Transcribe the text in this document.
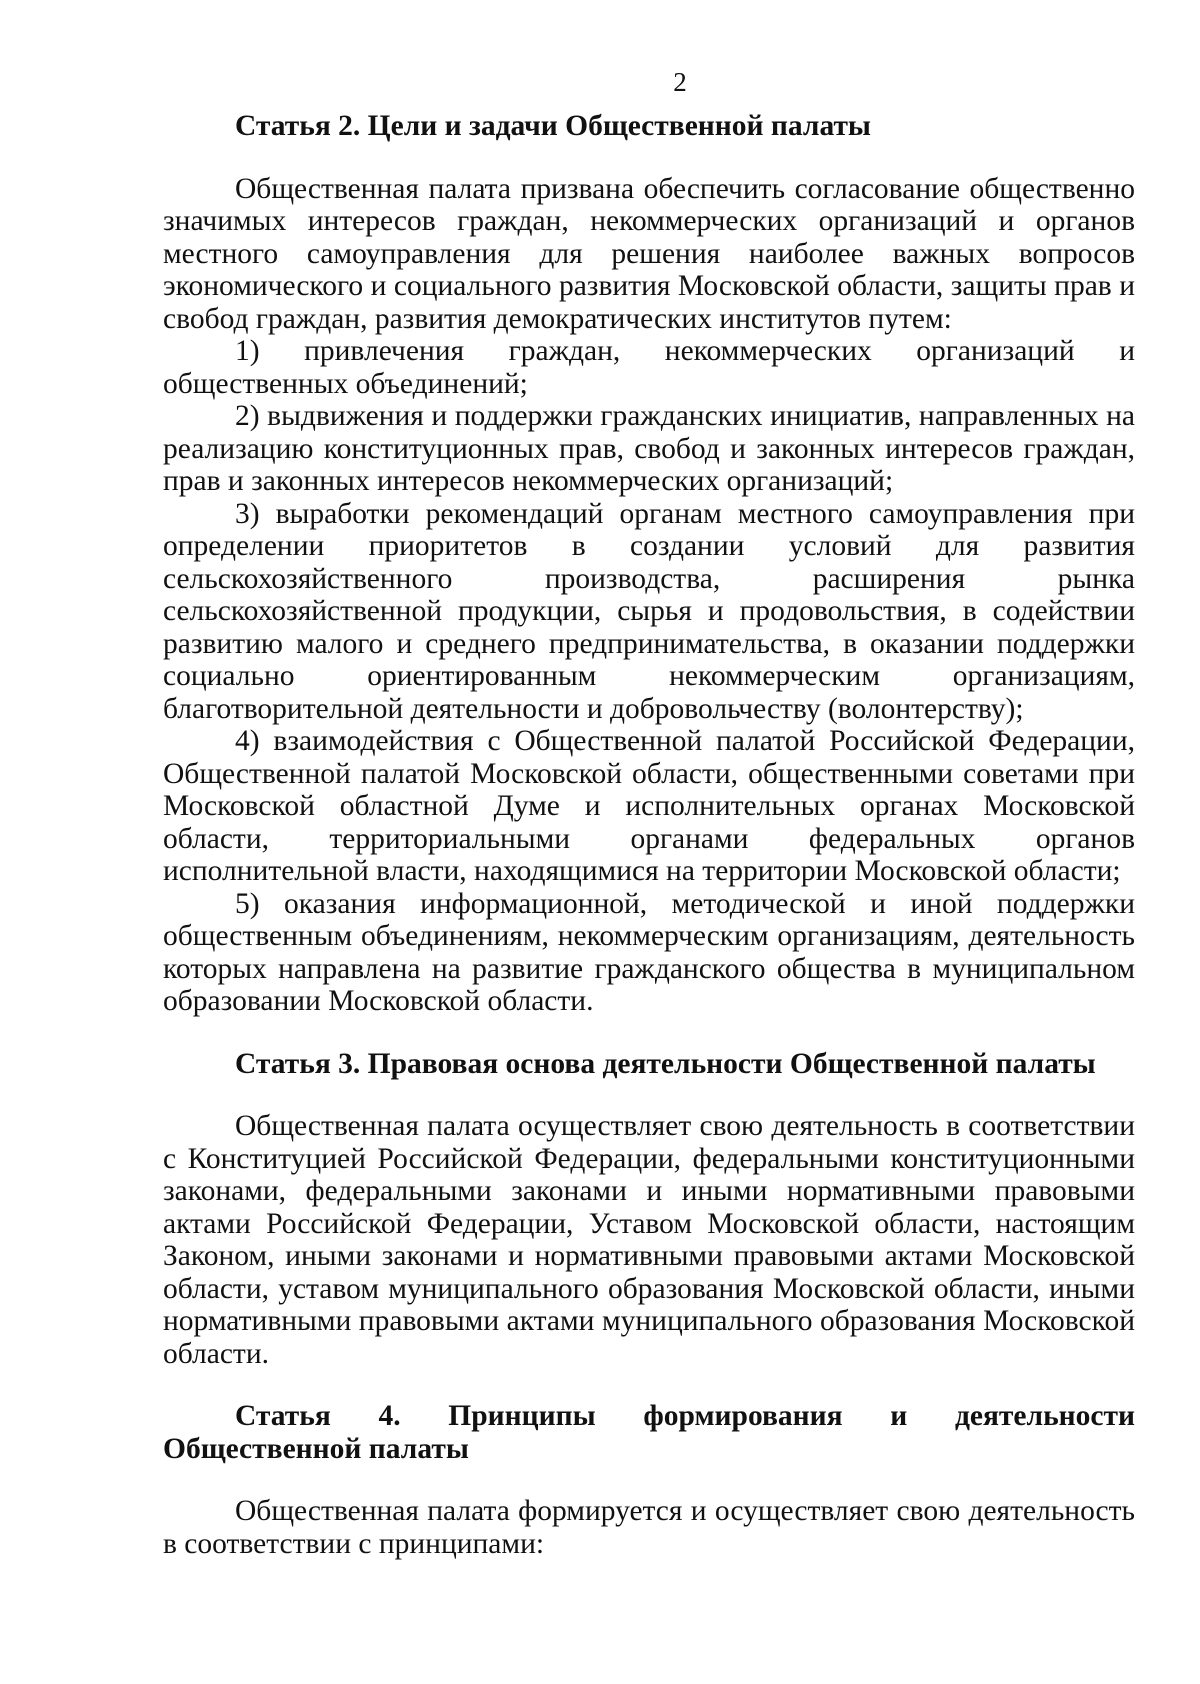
2

Статья 2. Цели и задачи Общественной палаты

Общественная палата призвана обеспечить согласование общественно значимых интересов граждан, некоммерческих организаций и органов местного самоуправления для решения наиболее важных вопросов экономического и социального развития Московской области, защиты прав и свобод граждан, развития демократических институтов путем:

1) привлечения граждан, некоммерческих организаций и общественных объединений;

2) выдвижения и поддержки гражданских инициатив, направленных на реализацию конституционных прав, свобод и законных интересов граждан, прав и законных интересов некоммерческих организаций;

3) выработки рекомендаций органам местного самоуправления при определении приоритетов в создании условий для развития сельскохозяйственного производства, расширения рынка сельскохозяйственной продукции, сырья и продовольствия, в содействии развитию малого и среднего предпринимательства, в оказании поддержки социально ориентированным некоммерческим организациям, благотворительной деятельности и добровольчеству (волонтерству);

4) взаимодействия с Общественной палатой Российской Федерации, Общественной палатой Московской области, общественными советами при Московской областной Думе и исполнительных органах Московской области, территориальными органами федеральных органов исполнительной власти, находящимися на территории Московской области;

5) оказания информационной, методической и иной поддержки общественным объединениям, некоммерческим организациям, деятельность которых направлена на развитие гражданского общества в муниципальном образовании Московской области.

Статья 3. Правовая основа деятельности Общественной палаты

Общественная палата осуществляет свою деятельность в соответствии с Конституцией Российской Федерации, федеральными конституционными законами, федеральными законами и иными нормативными правовыми актами Российской Федерации, Уставом Московской области, настоящим Законом, иными законами и нормативными правовыми актами Московской области, уставом муниципального образования Московской области, иными нормативными правовыми актами муниципального образования Московской области.

Статья 4. Принципы формирования и деятельности Общественной палаты

Общественная палата формируется и осуществляет свою деятельность в соответствии с принципами:
